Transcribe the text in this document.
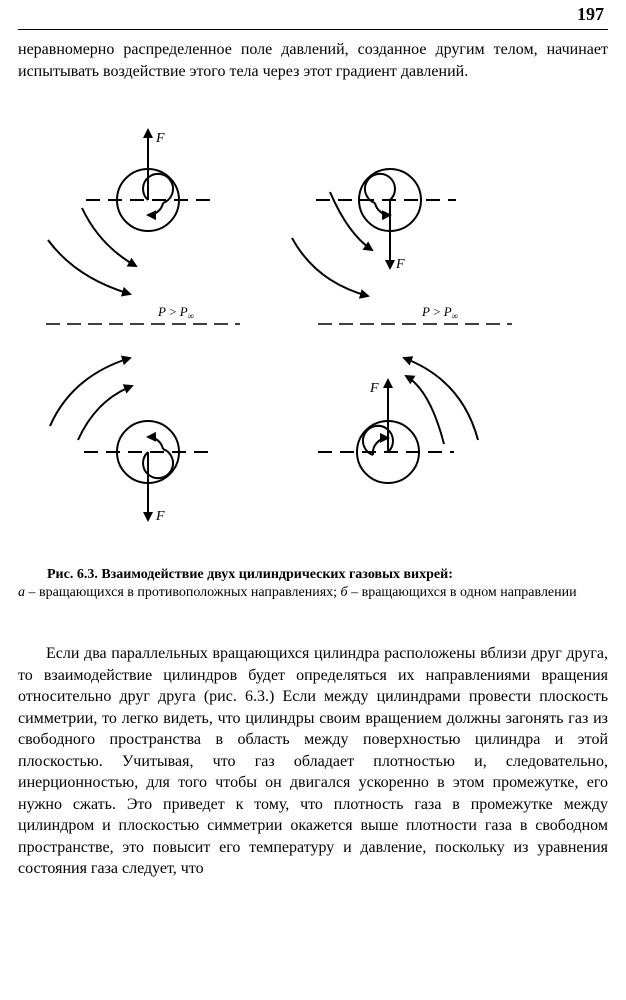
197

неравномерно распределенное поле давлений, созданное другим телом, начинает испытывать воздействие этого тела через этот градиент давлений.

F
F
F
F
$P > P_\infty$	$P > P_\infty$

Рис. 6.3. Взаимодействие двух цилиндрических газовых вихрей:
а – вращающихся в противоположных направлениях; б – вращающихся в одном направлении

Если два параллельных вращающихся цилиндра расположены вблизи друг друга, то взаимодействие цилиндров будет определяться их направлениями вращения относительно друг друга (рис. 6.3.) Если между цилиндрами провести плоскость симметрии, то легко видеть, что цилиндры своим вращением должны загонять газ из свободного пространства в область между поверхностью цилиндра и этой плоскостью. Учитывая, что газ обладает плотностью и, следовательно, инерционностью, для того чтобы он двигался ускоренно в этом промежутке, его нужно сжать. Это приведет к тому, что плотность газа в промежутке между цилиндром и плоскостью симметрии окажется выше плотности газа в свободном пространстве, это повысит его температуру и давление, поскольку из уравнения состояния газа следует, что
